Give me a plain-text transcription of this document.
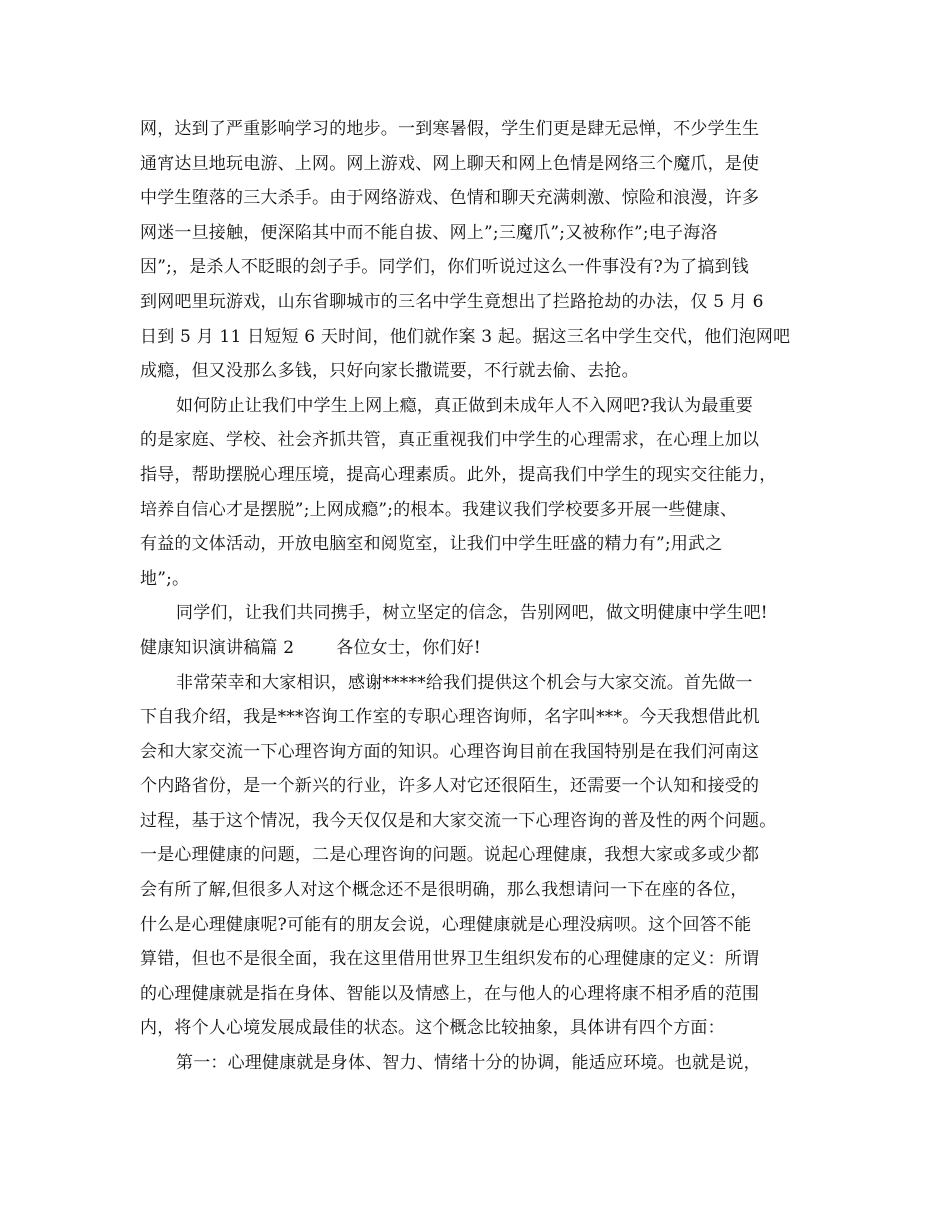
网，达到了严重影响学习的地步。一到寒暑假，学生们更是肆无忌惮，不少学生生
通宵达旦地玩电游、上网。网上游戏、网上聊天和网上色情是网络三个魔爪，是使
中学生堕落的三大杀手。由于网络游戏、色情和聊天充满刺激、惊险和浪漫，许多
网迷一旦接触，便深陷其中而不能自拔、网上”;三魔爪”;又被称作”;电子海洛
因”;，是杀人不眨眼的刽子手。同学们，你们听说过这么一件事没有?为了搞到钱
到网吧里玩游戏，山东省聊城市的三名中学生竟想出了拦路抢劫的办法，仅 5 月 6
日到 5 月 11 日短短 6 天时间，他们就作案 3 起。据这三名中学生交代，他们泡网吧
成瘾，但又没那么多钱，只好向家长撒谎要，不行就去偷、去抢。

如何防止让我们中学生上网上瘾，真正做到未成年人不入网吧?我认为最重要
的是家庭、学校、社会齐抓共管，真正重视我们中学生的心理需求，在心理上加以
指导，帮助摆脱心理压境，提高心理素质。此外，提高我们中学生的现实交往能力，
培养自信心才是摆脱”;上网成瘾”;的根本。我建议我们学校要多开展一些健康、
有益的文体活动，开放电脑室和阅览室，让我们中学生旺盛的精力有”;用武之
地”;。

同学们，让我们共同携手，树立坚定的信念，告别网吧，做文明健康中学生吧!

健康知识演讲稿篇 2 各位女士，你们好!

非常荣幸和大家相识，感谢*****给我们提供这个机会与大家交流。首先做一
下自我介绍，我是***咨询工作室的专职心理咨询师，名字叫***。今天我想借此机
会和大家交流一下心理咨询方面的知识。心理咨询目前在我国特别是在我们河南这
个内路省份，是一个新兴的行业，许多人对它还很陌生，还需要一个认知和接受的
过程，基于这个情况，我今天仅仅是和大家交流一下心理咨询的普及性的两个问题。
一是心理健康的问题，二是心理咨询的问题。说起心理健康，我想大家或多或少都
会有所了解,但很多人对这个概念还不是很明确，那么我想请问一下在座的各位，
什么是心理健康呢?可能有的朋友会说，心理健康就是心理没病呗。这个回答不能
算错，但也不是很全面，我在这里借用世界卫生组织发布的心理健康的定义：所谓
的心理健康就是指在身体、智能以及情感上，在与他人的心理将康不相矛盾的范围
内，将个人心境发展成最佳的状态。这个概念比较抽象，具体讲有四个方面：

第一：心理健康就是身体、智力、情绪十分的协调，能适应环境。也就是说，
